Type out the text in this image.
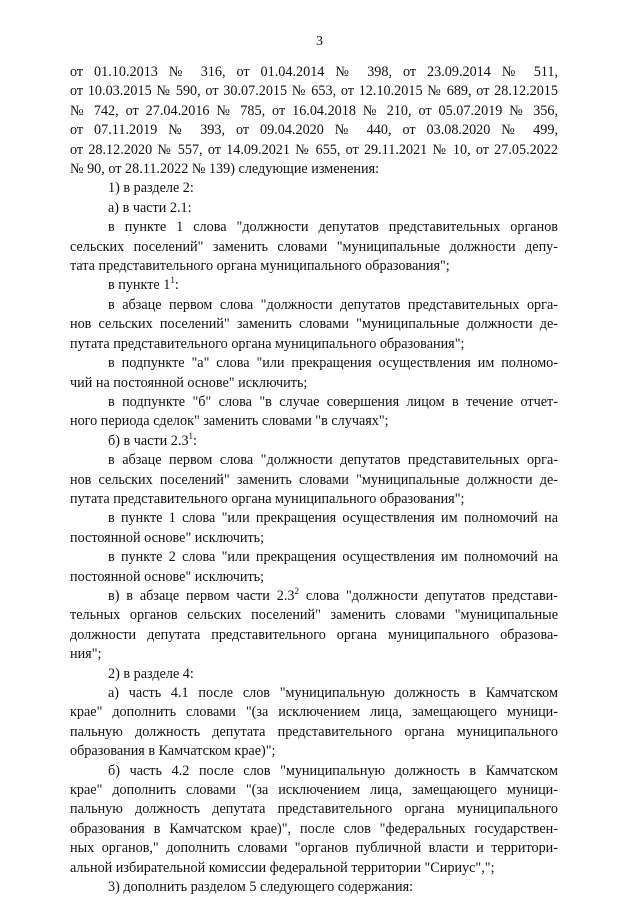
3
от 01.10.2013 № 316, от 01.04.2014 № 398, от 23.09.2014 № 511,
от 10.03.2015 № 590, от 30.07.2015 № 653, от 12.10.2015 № 689, от 28.12.2015
№ 742, от 27.04.2016 № 785, от 16.04.2018 № 210, от 05.07.2019 № 356,
от 07.11.2019 № 393, от 09.04.2020 № 440, от 03.08.2020 № 499,
от 28.12.2020 № 557, от 14.09.2021 № 655, от 29.11.2021 № 10, от 27.05.2022
№ 90, от 28.11.2022 № 139) следующие изменения:
1) в разделе 2:
а) в части 2.1:
в пункте 1 слова "должности депутатов представительных органов
сельских поселений" заменить словами "муниципальные должности депу-
тата представительного органа муниципального образования";
в пункте $1^1$:
в абзаце первом слова "должности депутатов представительных орга-
нов сельских поселений" заменить словами "муниципальные должности де-
путата представительного органа муниципального образования";
в подпункте "а" слова "или прекращения осуществления им полномо-
чий на постоянной основе" исключить;
в подпункте "б" слова "в случае совершения лицом в течение отчет-
ного периода сделок" заменить словами "в случаях";
б) в части $2.3^1$:
в абзаце первом слова "должности депутатов представительных орга-
нов сельских поселений" заменить словами "муниципальные должности де-
путата представительного органа муниципального образования";
в пункте 1 слова "или прекращения осуществления им полномочий на
постоянной основе" исключить;
в пункте 2 слова "или прекращения осуществления им полномочий на
постоянной основе" исключить;
в) в абзаце первом части $2.3^2$ слова "должности депутатов представи-
тельных органов сельских поселений" заменить словами "муниципальные
должности депутата представительного органа муниципального образова-
ния";
2) в разделе 4:
а) часть 4.1 после слов "муниципальную должность в Камчатском
крае" дополнить словами "(за исключением лица, замещающего муници-
пальную должность депутата представительного органа муниципального
образования в Камчатском крае)";
б) часть 4.2 после слов "муниципальную должность в Камчатском
крае" дополнить словами "(за исключением лица, замещающего муници-
пальную должность депутата представительного органа муниципального
образования в Камчатском крае)", после слов "федеральных государствен-
ных органов," дополнить словами "органов публичной власти и территори-
альной избирательной комиссии федеральной территории "Сириус",";
3) дополнить разделом 5 следующего содержания:
